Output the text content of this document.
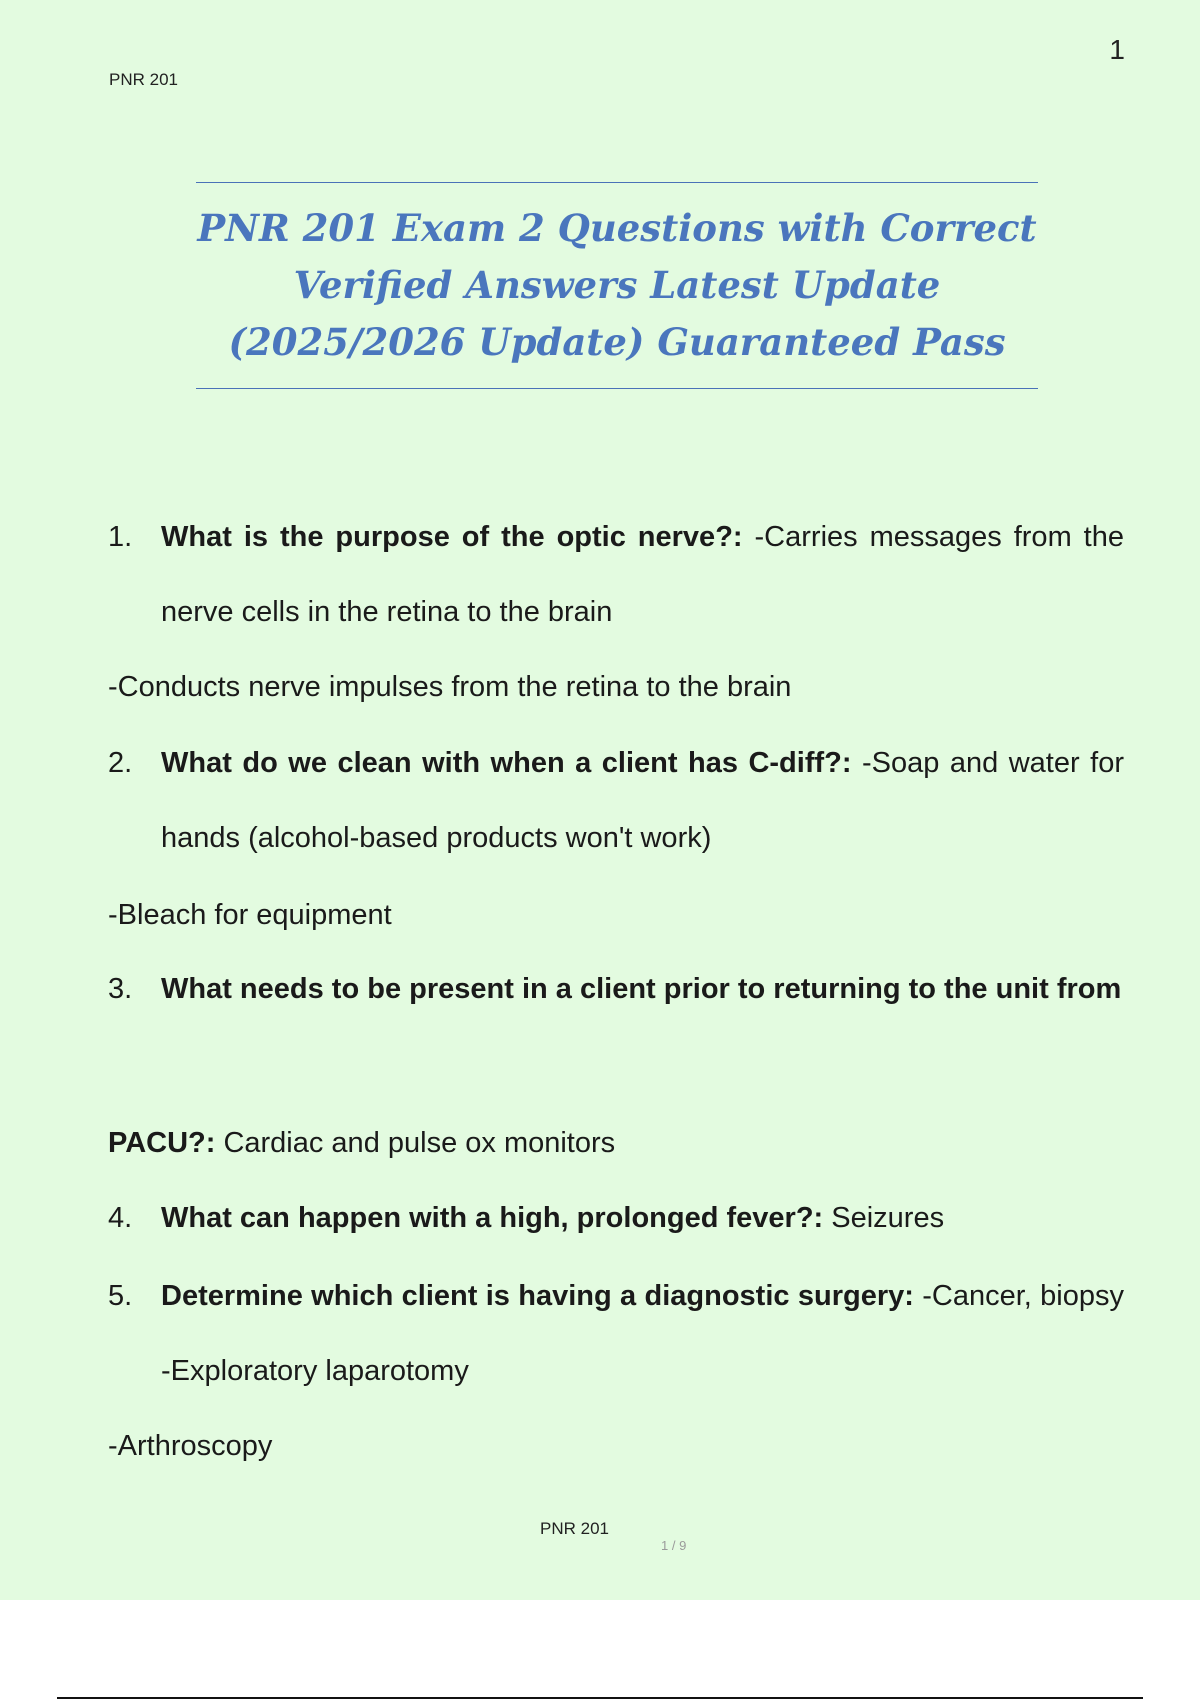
PNR 201
1
PNR 201 Exam 2 Questions with Correct
Verified Answers Latest Update
(2025/2026 Update) Guaranteed Pass
1. What is the purpose of the optic nerve?: -Carries messages from the nerve cells in the retina to the brain
-Conducts nerve impulses from the retina to the brain
2. What do we clean with when a client has C-diff?: -Soap and water for hands (alcohol-based products won't work)
-Bleach for equipment
3. What needs to be present in a client prior to returning to the unit from
PACU?: Cardiac and pulse ox monitors
4. What can happen with a high, prolonged fever?: Seizures
5. Determine which client is having a diagnostic surgery: -Cancer, biopsy -Exploratory laparotomy
-Arthroscopy
PNR 201
1 / 9
